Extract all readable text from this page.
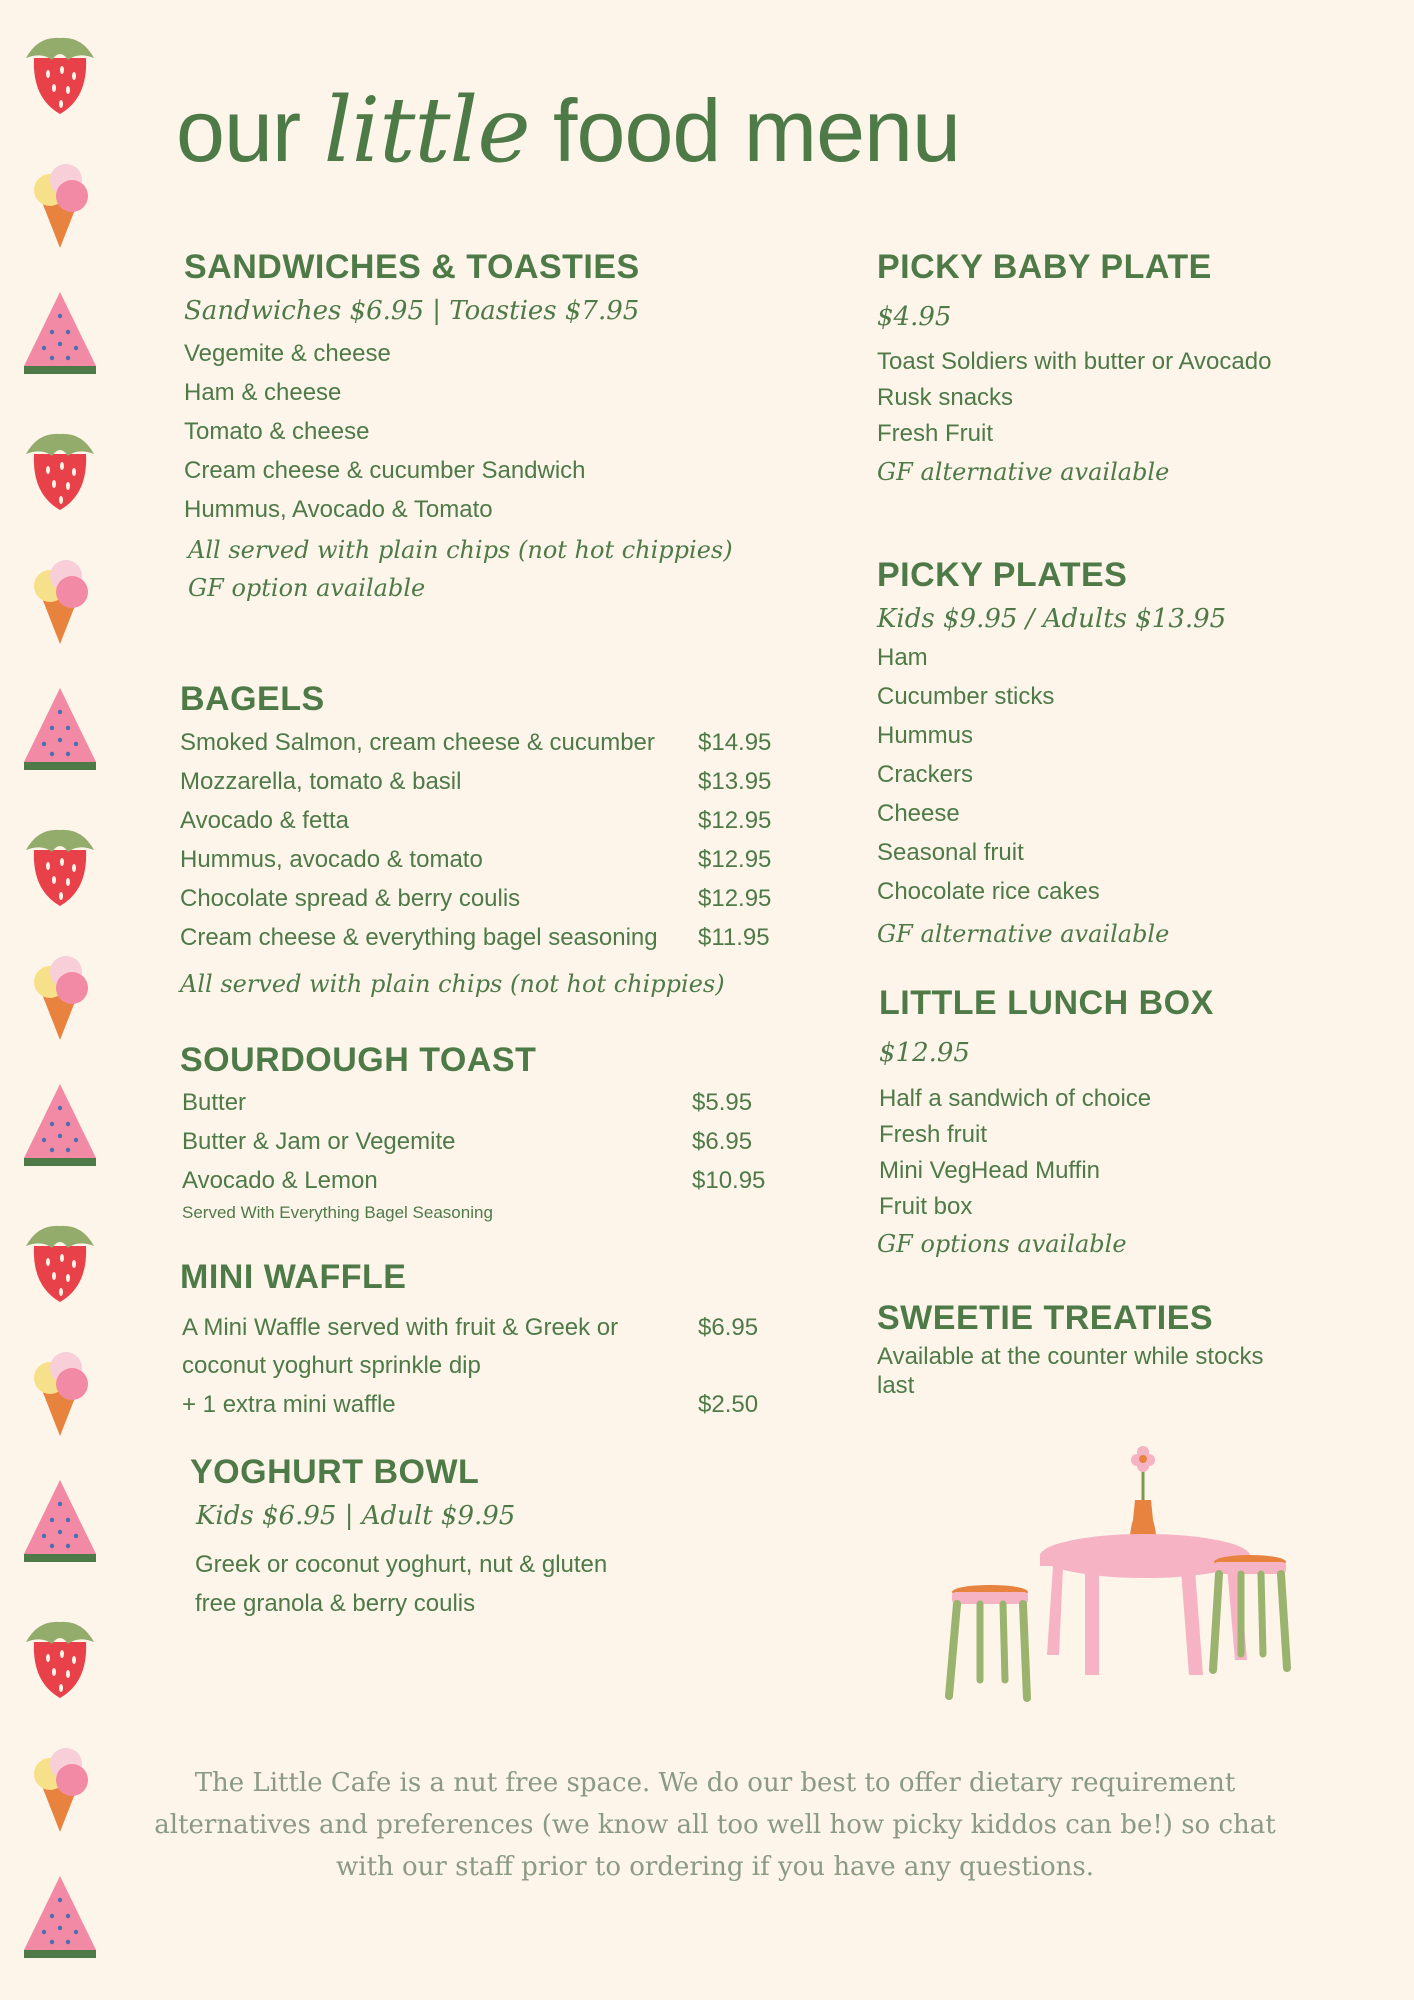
our little food menu
SANDWICHES & TOASTIES
Sandwiches $6.95 | Toasties $7.95
Vegemite & cheese
Ham & cheese
Tomato & cheese
Cream cheese & cucumber Sandwich
Hummus, Avocado & Tomato
All served with plain chips (not hot chippies)
GF option available
BAGELS
Smoked Salmon, cream cheese & cucumber $14.95
Mozzarella, tomato & basil	$13.95
Avocado & fetta	$12.95
Hummus, avocado & tomato	$12.95
Chocolate spread & berry coulis	$12.95
Cream cheese & everything bagel seasoning $11.95
All served with plain chips (not hot chippies)
SOURDOUGH TOAST
Butter	$5.95
Butter & Jam or Vegemite	$6.95
Avocado & Lemon	$10.95
Served With Everything Bagel Seasoning
MINI WAFFLE
A Mini Waffle served with fruit & Greek or	$6.95
coconut yoghurt sprinkle dip
+ 1 extra mini waffle	$2.50
YOGHURT BOWL
Kids $6.95 | Adult $9.95
Greek or coconut yoghurt, nut & gluten
free granola & berry coulis
PICKY BABY PLATE
$4.95
Toast Soldiers with butter or Avocado
Rusk snacks
Fresh Fruit
GF alternative available
PICKY PLATES
Kids $9.95 / Adults $13.95
Ham
Cucumber sticks
Hummus
Crackers
Cheese
Seasonal fruit
Chocolate rice cakes
GF alternative available
LITTLE LUNCH BOX
$12.95
Half a sandwich of choice
Fresh fruit
Mini VegHead Muffin
Fruit box
GF options available
SWEETIE TREATIES
Available at the counter while stocks
last
The Little Cafe is a nut free space. We do our best to offer dietary requirement
alternatives and preferences (we know all too well how picky kiddos can be!) so chat
with our staff prior to ordering if you have any questions.
